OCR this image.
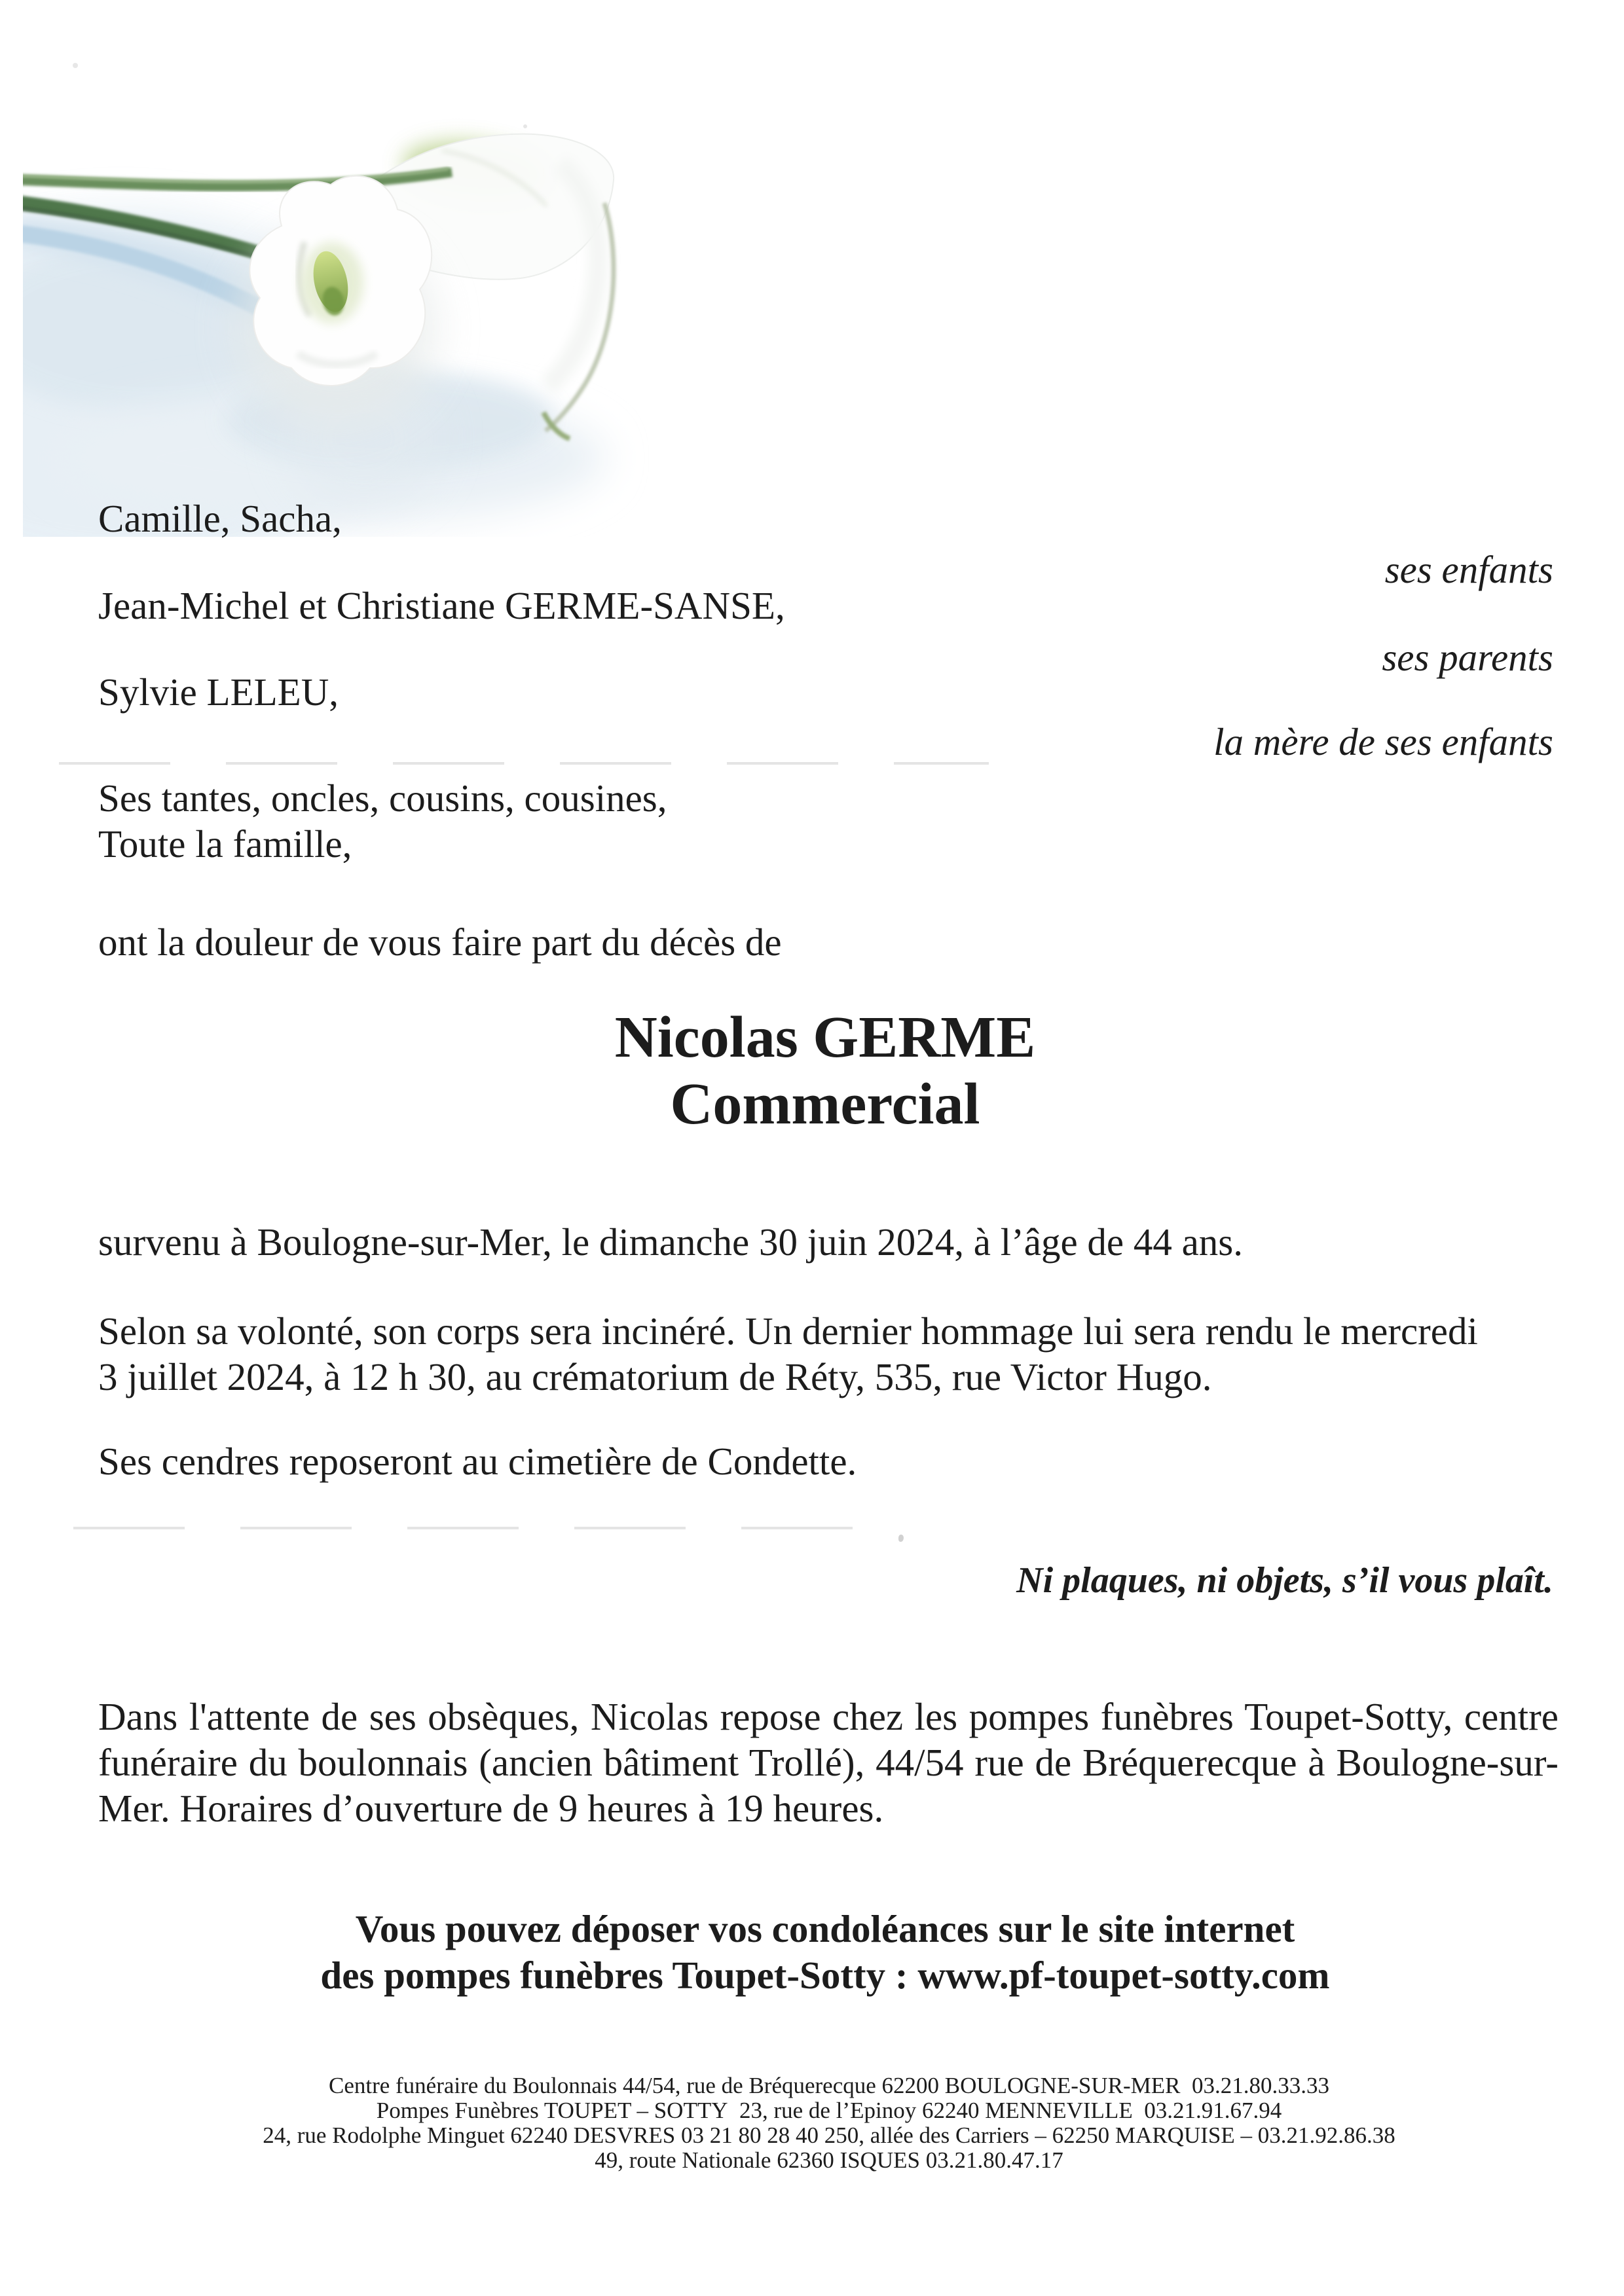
Camille, Sacha,
ses enfants
Jean-Michel et Christiane GERME-SANSE,
ses parents
Sylvie LELEU,
la mère de ses enfants
Ses tantes, oncles, cousins, cousines,
Toute la famille,
ont la douleur de vous faire part du décès de
Nicolas GERME
Commercial
survenu à Boulogne-sur-Mer, le dimanche 30 juin 2024, à l’âge de 44 ans.
Selon sa volonté, son corps sera incinéré. Un dernier hommage lui sera rendu le mercredi
3 juillet 2024, à 12 h 30, au crématorium de Réty, 535, rue Victor Hugo.
Ses cendres reposeront au cimetière de Condette.
Ni plaques, ni objets, s’il vous plaît.
Dans l'attente de ses obsèques, Nicolas repose chez les pompes funèbres Toupet-Sotty, centre
funéraire du boulonnais (ancien bâtiment Trollé), 44/54 rue de Bréquerecque à Boulogne-sur-
Mer. Horaires d’ouverture de 9 heures à 19 heures.
Vous pouvez déposer vos condoléances sur le site internet
des pompes funèbres Toupet-Sotty : www.pf-toupet-sotty.com
Centre funéraire du Boulonnais 44/54, rue de Bréquerecque 62200 BOULOGNE-SUR-MER  03.21.80.33.33
Pompes Funèbres TOUPET – SOTTY  23, rue de l’Epinoy 62240 MENNEVILLE  03.21.91.67.94
24, rue Rodolphe Minguet 62240 DESVRES 03 21 80 28 40 250, allée des Carriers – 62250 MARQUISE – 03.21.92.86.38
49, route Nationale 62360 ISQUES 03.21.80.47.17
